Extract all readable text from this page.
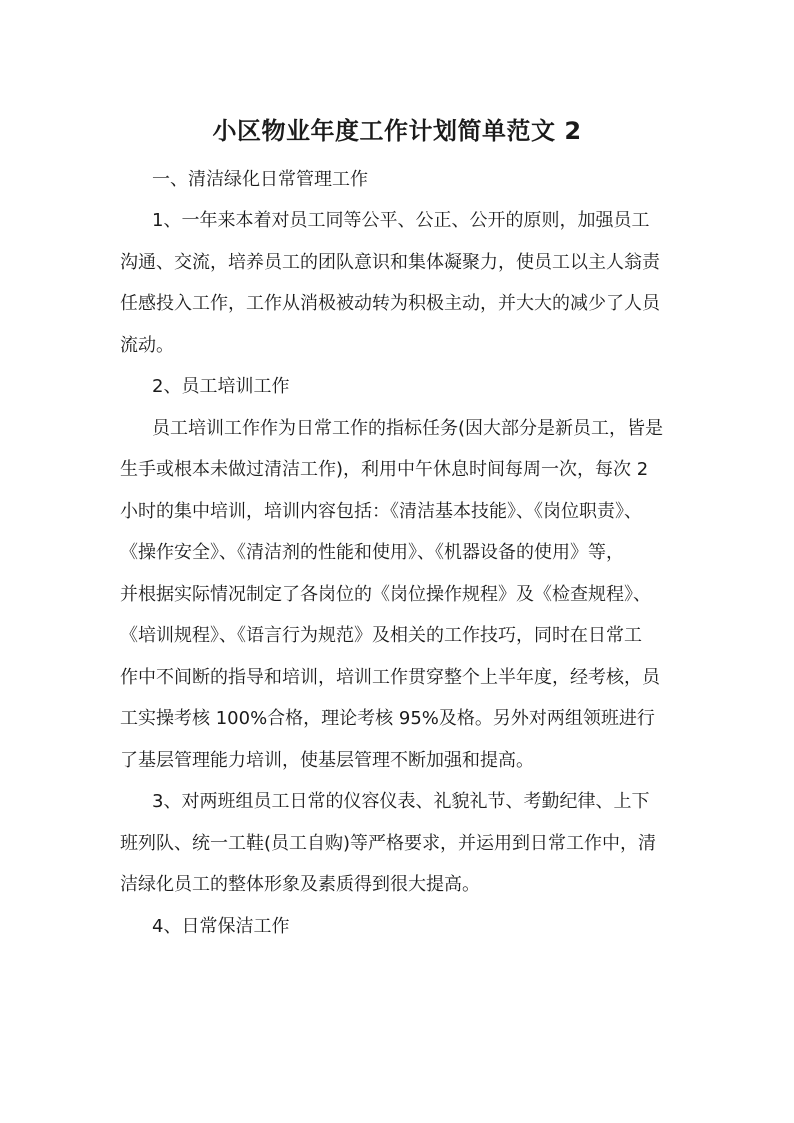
小区物业年度工作计划简单范文 2
一、清洁绿化日常管理工作
1、一年来本着对员工同等公平、公正、公开的原则，加强员工
沟通、交流，培养员工的团队意识和集体凝聚力，使员工以主人翁责
任感投入工作，工作从消极被动转为积极主动，并大大的减少了人员
流动。
2、员工培训工作
员工培训工作作为日常工作的指标任务(因大部分是新员工，皆是
生手或根本未做过清洁工作)，利用中午休息时间每周一次，每次 2
小时的集中培训，培训内容包括：《清洁基本技能》、《岗位职责》、
《操作安全》、《清洁剂的性能和使用》、《机器设备的使用》等，
并根据实际情况制定了各岗位的《岗位操作规程》及《检查规程》、
《培训规程》、《语言行为规范》及相关的工作技巧，同时在日常工
作中不间断的指导和培训，培训工作贯穿整个上半年度，经考核，员
工实操考核 100%合格，理论考核 95%及格。另外对两组领班进行
了基层管理能力培训，使基层管理不断加强和提高。
3、对两班组员工日常的仪容仪表、礼貌礼节、考勤纪律、上下
班列队、统一工鞋(员工自购)等严格要求，并运用到日常工作中，清
洁绿化员工的整体形象及素质得到很大提高。
4、日常保洁工作
